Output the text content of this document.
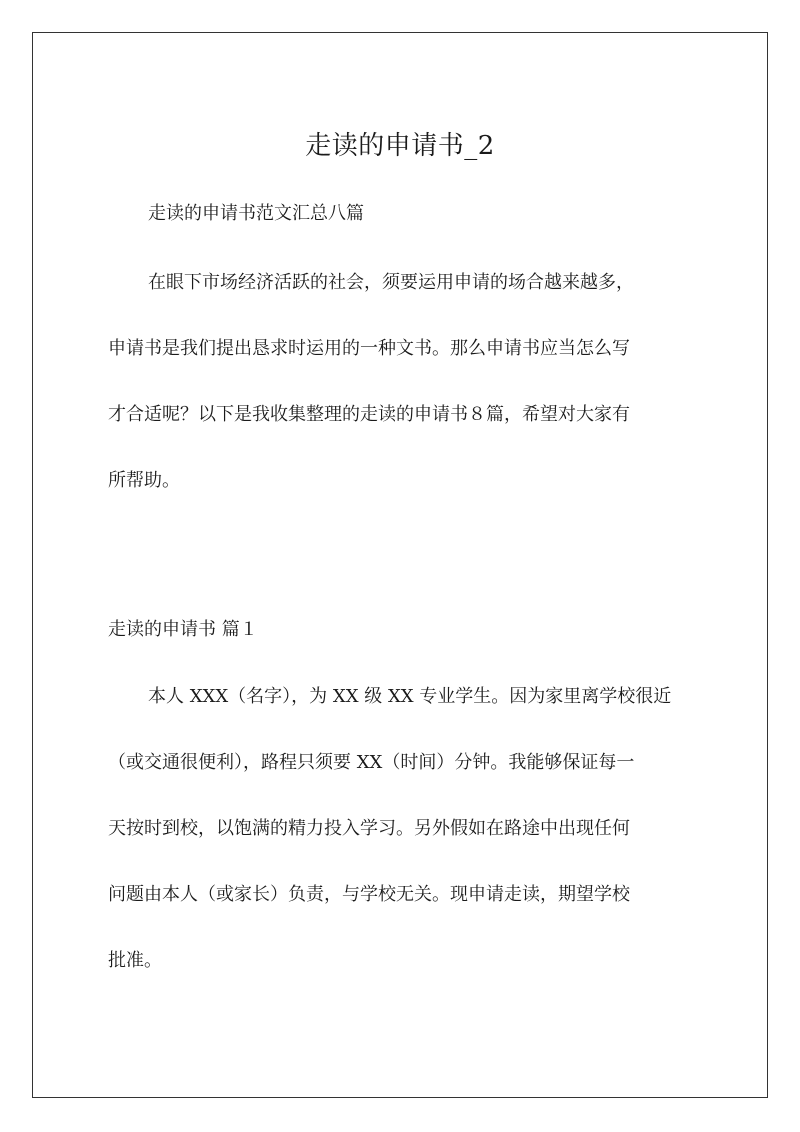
走读的申请书_2
走读的申请书范文汇总八篇
在眼下市场经济活跃的社会，须要运用申请的场合越来越多，
申请书是我们提出恳求时运用的一种文书。那么申请书应当怎么写
才合适呢？以下是我收集整理的走读的申请书８篇，希望对大家有
所帮助。
走读的申请书 篇１
本人 XXX（名字），为 XX 级 XX 专业学生。因为家里离学校很近
（或交通很便利），路程只须要 XX（时间）分钟。我能够保证每一
天按时到校，以饱满的精力投入学习。另外假如在路途中出现任何
问题由本人（或家长）负责，与学校无关。现申请走读，期望学校
批准。
